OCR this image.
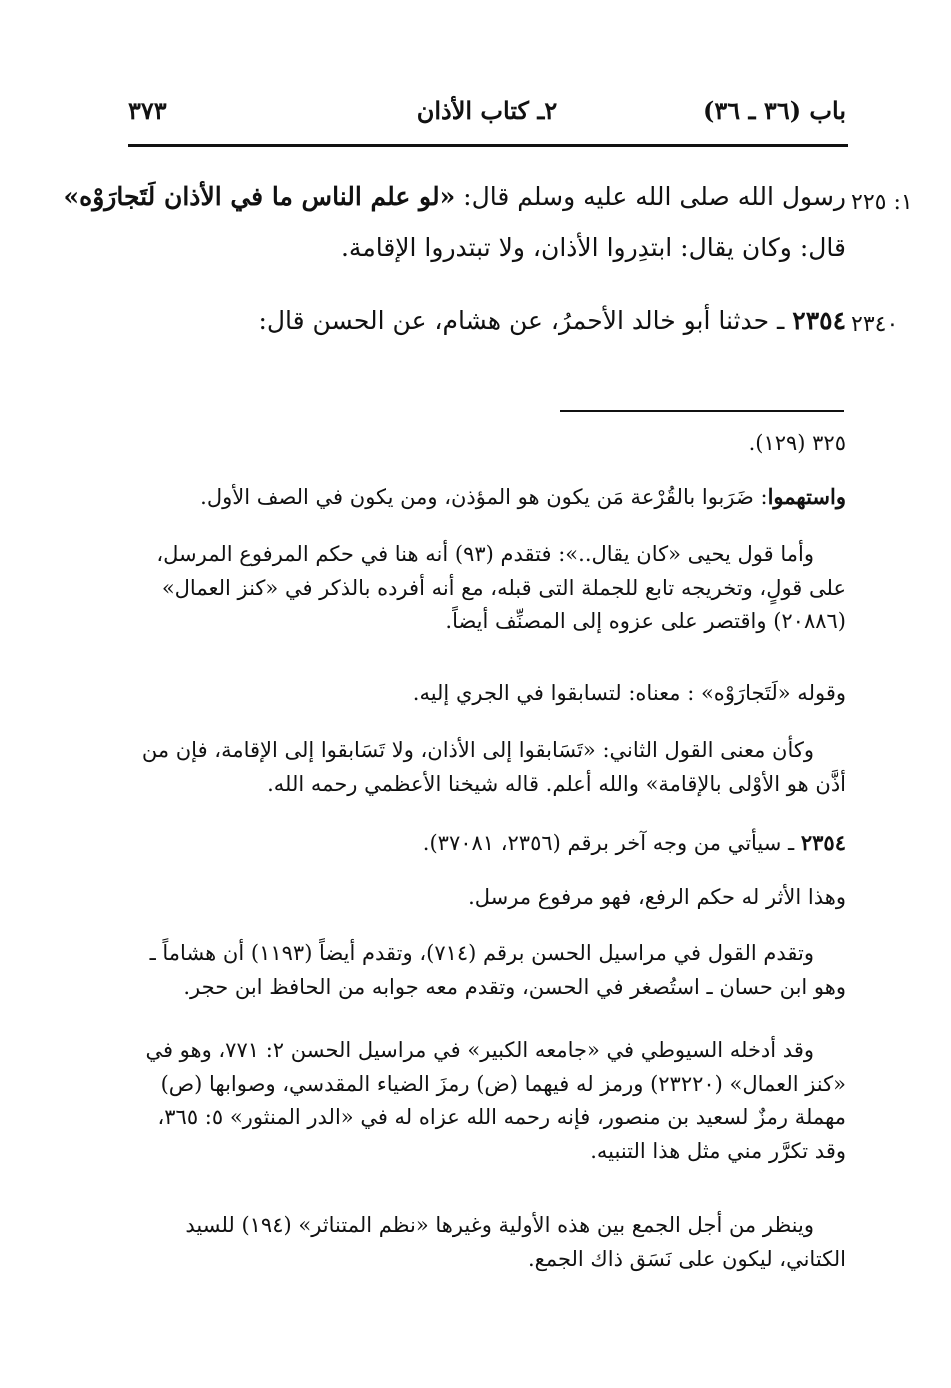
باب (٣٦ ـ ٣٦)
٢ـ كتاب الأذان
٣٧٣
١: ٢٢٥
٢٣٤٠
رسول الله صلى الله عليه وسلم قال: «لو علم الناس ما في الأذان لَتَجارَوْه»
قال: وكان يقال: ابتدِروا الأذان، ولا تبتدروا الإقامة.
٢٣٥٤ ـ حدثنا أبو خالد الأحمرُ، عن هشام، عن الحسن قال:
٣٢٥ (١٢٩).
واستهموا: ضَرَبوا بالقُرْعة مَن يكون هو المؤذن، ومن يكون في الصف الأول.
وأما قول يحيى «كان يقال..»: فتقدم (٩٣) أنه هنا في حكم المرفوع المرسل، على قولٍ، وتخريجه تابع للجملة التى قبله، مع أنه أفرده بالذكر في «كنز العمال» (٢٠٨٨٦) واقتصر على عزوه إلى المصنِّف أيضاً.
وقوله «لَتَجارَوْه» : معناه: لتسابقوا في الجري إليه.
وكأن معنى القول الثاني: «تَسَابقوا إلى الأذان، ولا تَسَابقوا إلى الإقامة، فإن من أذَّن هو الأوْلى بالإقامة» والله أعلم. قاله شيخنا الأعظمي رحمه الله.
٢٣٥٤ ـ سيأتي من وجه آخر برقم (٢٣٥٦، ٣٧٠٨١).
وهذا الأثر له حكم الرفع، فهو مرفوع مرسل.
وتقدم القول في مراسيل الحسن برقم (٧١٤)، وتقدم أيضاً (١١٩٣) أن هشاماً ـ وهو ابن حسان ـ استُصغر في الحسن، وتقدم معه جوابه من الحافظ ابن حجر.
وقد أدخله السيوطي في «جامعه الكبير» في مراسيل الحسن ٢: ٧٧١، وهو في «كنز العمال» (٢٣٢٢٠) ورمز له فيهما (ض) رمزَ الضياء المقدسي، وصوابها (ص) مهملة رمزٌ لسعيد بن منصور، فإنه رحمه الله عزاه له في «الدر المنثور» ٥: ٣٦٥، وقد تكرَّر مني مثل هذا التنبيه.
وينظر من أجل الجمع بين هذه الأولية وغيرها «نظم المتناثر» (١٩٤) للسيد الكتاني، ليكون على نَسَق ذاك الجمع.
